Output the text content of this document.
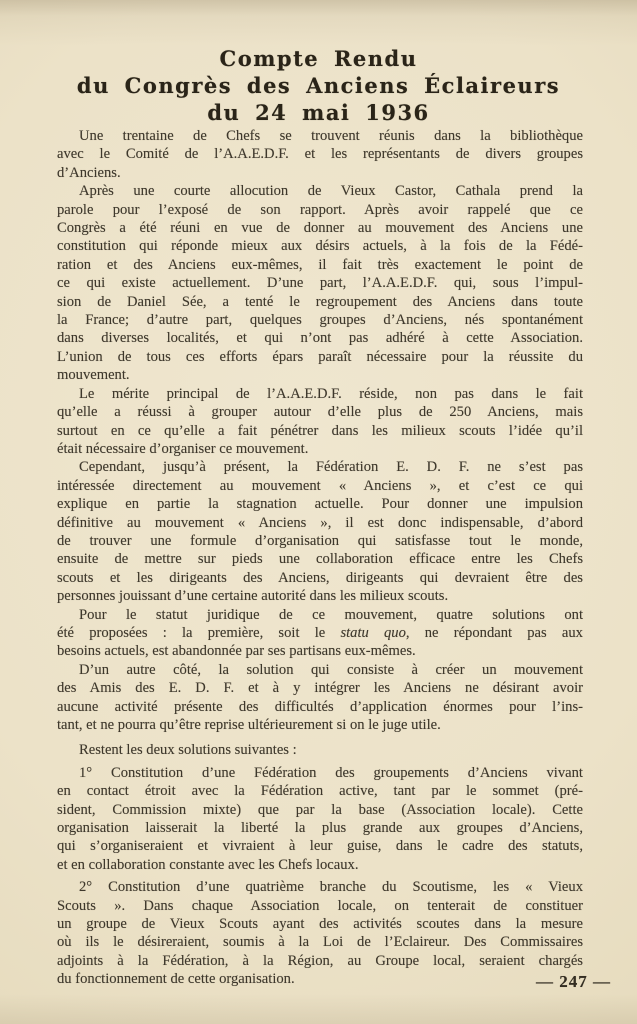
Compte Rendu
du Congrès des Anciens Éclaireurs
du 24 mai 1936
Une trentaine de Chefs se trouvent réunis dans la bibliothèque
avec le Comité de l’A.A.E.D.F. et les représentants de divers groupes
d’Anciens.
Après une courte allocution de Vieux Castor, Cathala prend la
parole pour l’exposé de son rapport. Après avoir rappelé que ce
Congrès a été réuni en vue de donner au mouvement des Anciens une
constitution qui réponde mieux aux désirs actuels, à la fois de la Fédé-
ration et des Anciens eux-mêmes, il fait très exactement le point de
ce qui existe actuellement. D’une part, l’A.A.E.D.F. qui, sous l’impul-
sion de Daniel Sée, a tenté le regroupement des Anciens dans toute
la France; d’autre part, quelques groupes d’Anciens, nés spontanément
dans diverses localités, et qui n’ont pas adhéré à cette Association.
L’union de tous ces efforts épars paraît nécessaire pour la réussite du
mouvement.
Le mérite principal de l’A.A.E.D.F. réside, non pas dans le fait
qu’elle a réussi à grouper autour d’elle plus de 250 Anciens, mais
surtout en ce qu’elle a fait pénétrer dans les milieux scouts l’idée qu’il
était nécessaire d’organiser ce mouvement.
Cependant, jusqu’à présent, la Fédération E. D. F. ne s’est pas
intéressée directement au mouvement « Anciens », et c’est ce qui
explique en partie la stagnation actuelle. Pour donner une impulsion
définitive au mouvement « Anciens », il est donc indispensable, d’abord
de trouver une formule d’organisation qui satisfasse tout le monde,
ensuite de mettre sur pieds une collaboration efficace entre les Chefs
scouts et les dirigeants des Anciens, dirigeants qui devraient être des
personnes jouissant d’une certaine autorité dans les milieux scouts.
Pour le statut juridique de ce mouvement, quatre solutions ont
été proposées : la première, soit le statu quo, ne répondant pas aux
besoins actuels, est abandonnée par ses partisans eux-mêmes.
D’un autre côté, la solution qui consiste à créer un mouvement
des Amis des E. D. F. et à y intégrer les Anciens ne désirant avoir
aucune activité présente des difficultés d’application énormes pour l’ins-
tant, et ne pourra qu’être reprise ultérieurement si on le juge utile.
Restent les deux solutions suivantes :
1° Constitution d’une Fédération des groupements d’Anciens vivant
en contact étroit avec la Fédération active, tant par le sommet (pré-
sident, Commission mixte) que par la base (Association locale). Cette
organisation laisserait la liberté la plus grande aux groupes d’Anciens,
qui s’organiseraient et vivraient à leur guise, dans le cadre des statuts,
et en collaboration constante avec les Chefs locaux.
2° Constitution d’une quatrième branche du Scoutisme, les « Vieux
Scouts ». Dans chaque Association locale, on tenterait de constituer
un groupe de Vieux Scouts ayant des activités scoutes dans la mesure
où ils le désireraient, soumis à la Loi de l’Eclaireur. Des Commissaires
adjoints à la Fédération, à la Région, au Groupe local, seraient chargés
du fonctionnement de cette organisation.	— 247 —
